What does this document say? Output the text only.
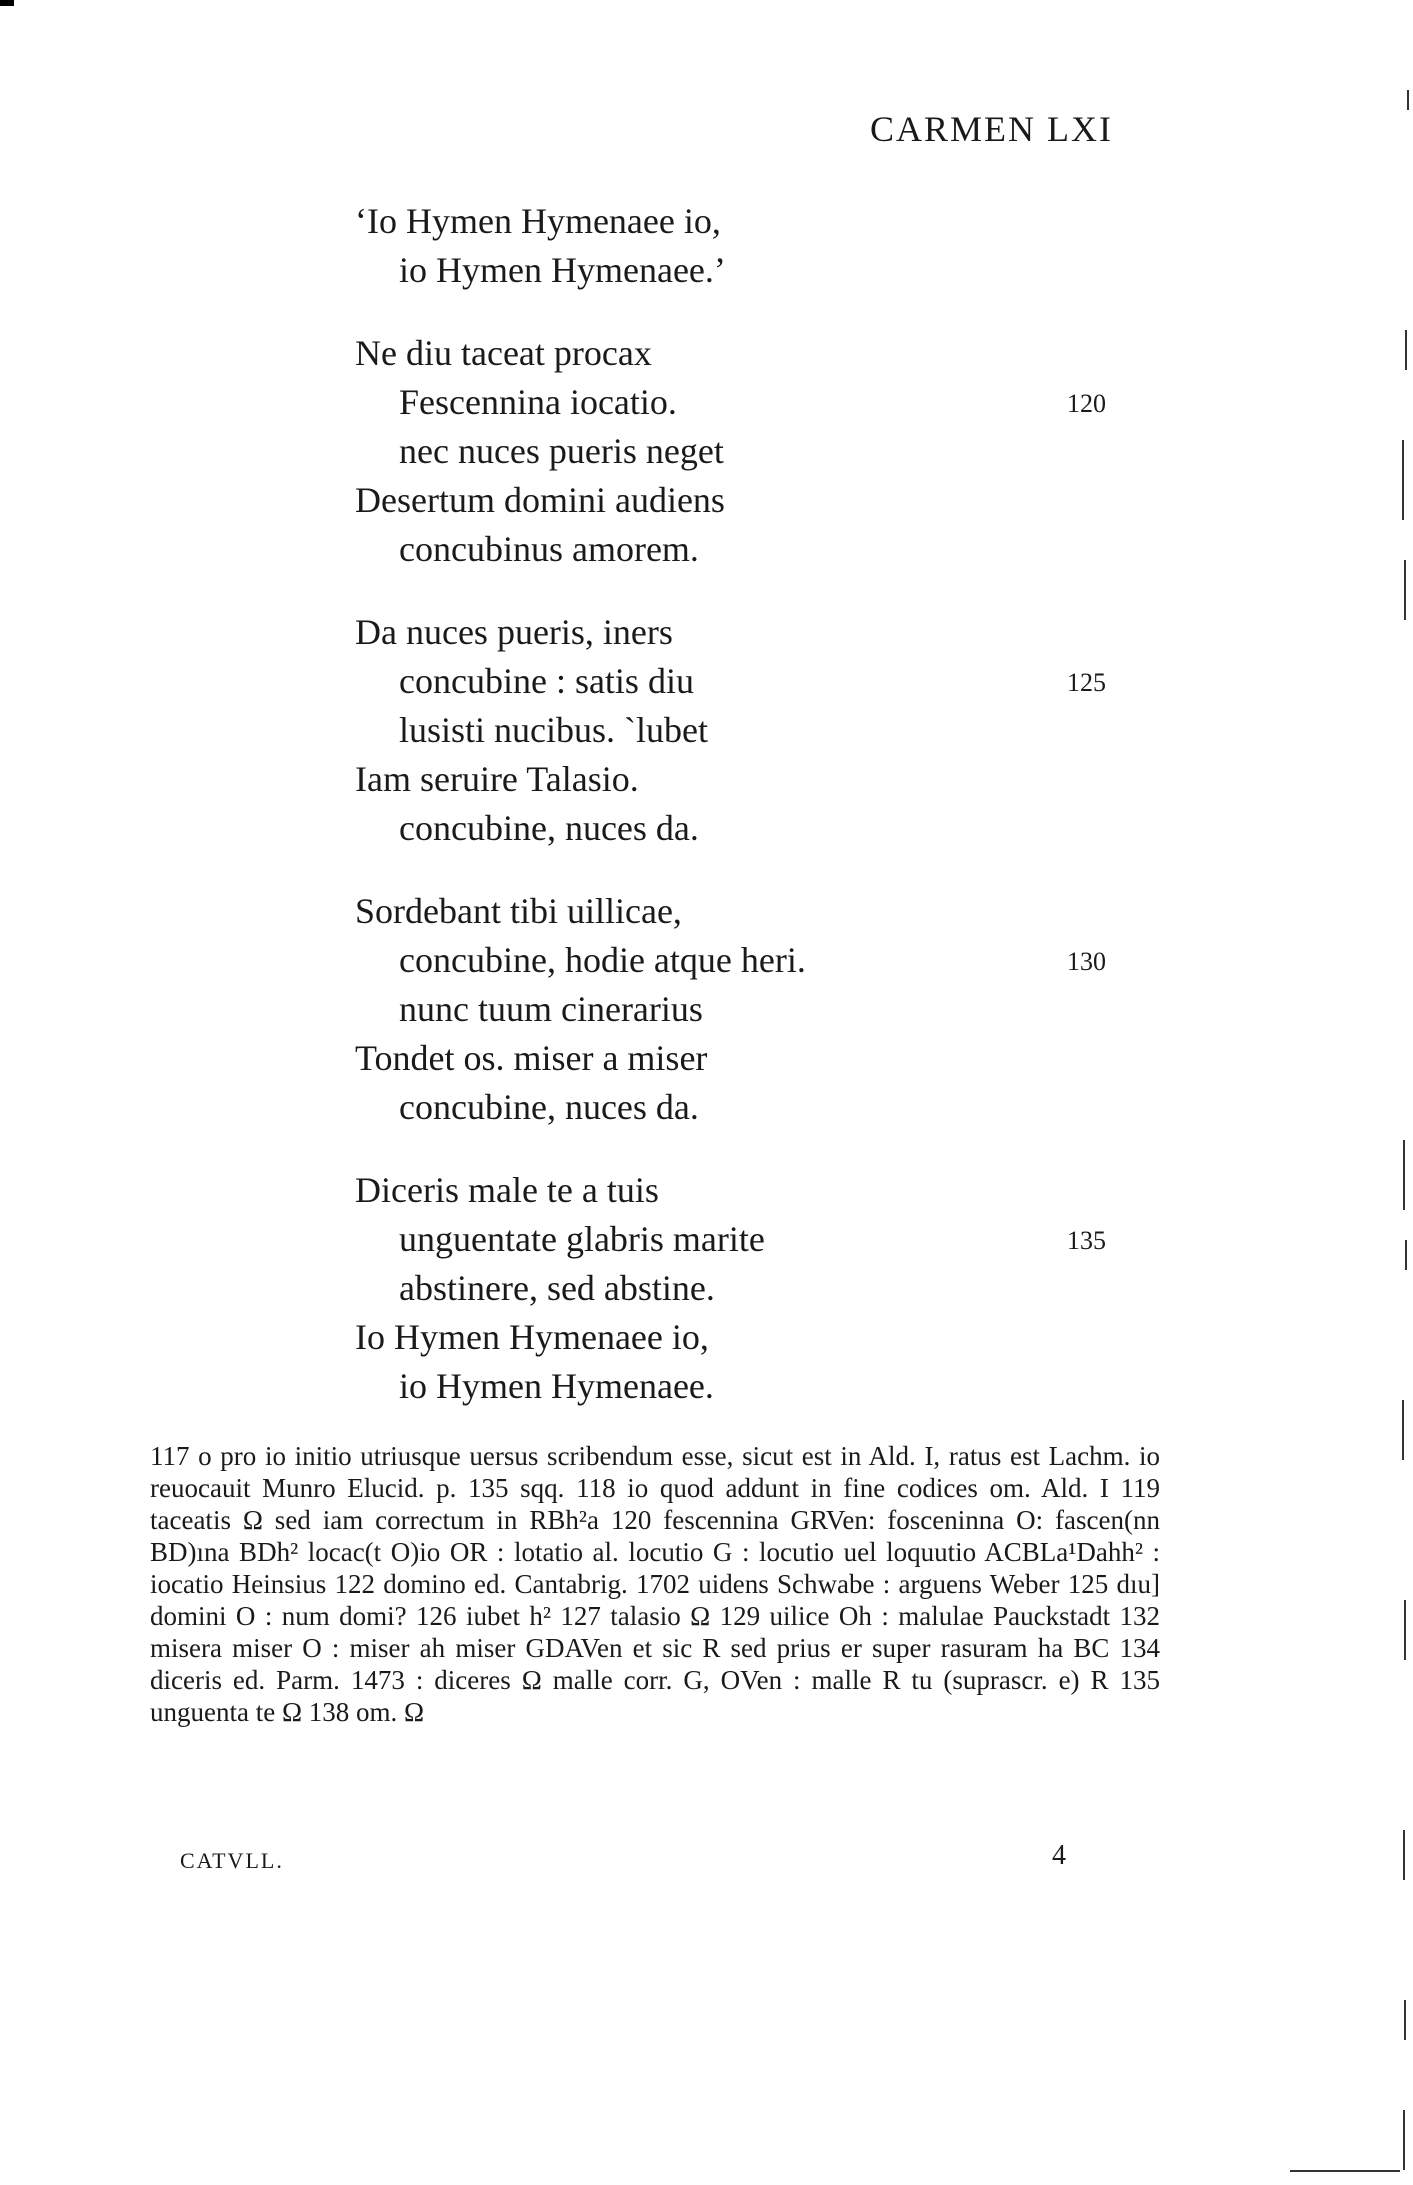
CARMEN LXI
‘Io Hymen Hymenaee io,
io Hymen Hymenaee.’
Ne diu taceat procax
Fescennina iocatio.	120
nec nuces pueris neget
Desertum domini audiens
concubinus amorem.
Da nuces pueris, iners
concubine : satis diu	125
lusisti nucibus. `lubet
Iam seruire Talasio.
concubine, nuces da.
Sordebant tibi uillicae,
concubine, hodie atque heri.	130
nunc tuum cinerarius
Tondet os. miser a miser
concubine, nuces da.
Diceris male te a tuis
unguentate glabris marite	135
abstinere, sed abstine.
Io Hymen Hymenaee io,
io Hymen Hymenaee.

117 o pro io initio utriusque uersus scribendum esse, sicut est in Ald. I, ratus est Lachm. io reuocauit Munro Elucid. p. 135 sqq. 118 io quod addunt in fine codices om. Ald. I 119 taceatis Ω sed iam correctum in RBh²a 120 fescennina GRVen: fosceninna O: fascen(nn BD)ına BDh² locac(t O)io OR : lotatio al. locutio G : locutio uel loquutio ACBLa¹Dahh² : iocatio Heinsius 122 domino ed. Cantabrig. 1702 uidens Schwabe : arguens Weber 125 dıu] domini O : num domi? 126 iubet h² 127 talasio Ω 129 uilice Oh : malulae Pauckstadt 132 misera miser O : miser ah miser GDAVen et sic R sed prius er super rasuram ha BC 134 diceris ed. Parm. 1473 : diceres Ω malle corr. G, OVen : malle R tu (suprascr. e) R 135 unguenta te Ω 138 om. Ω

CATVLL.	4
